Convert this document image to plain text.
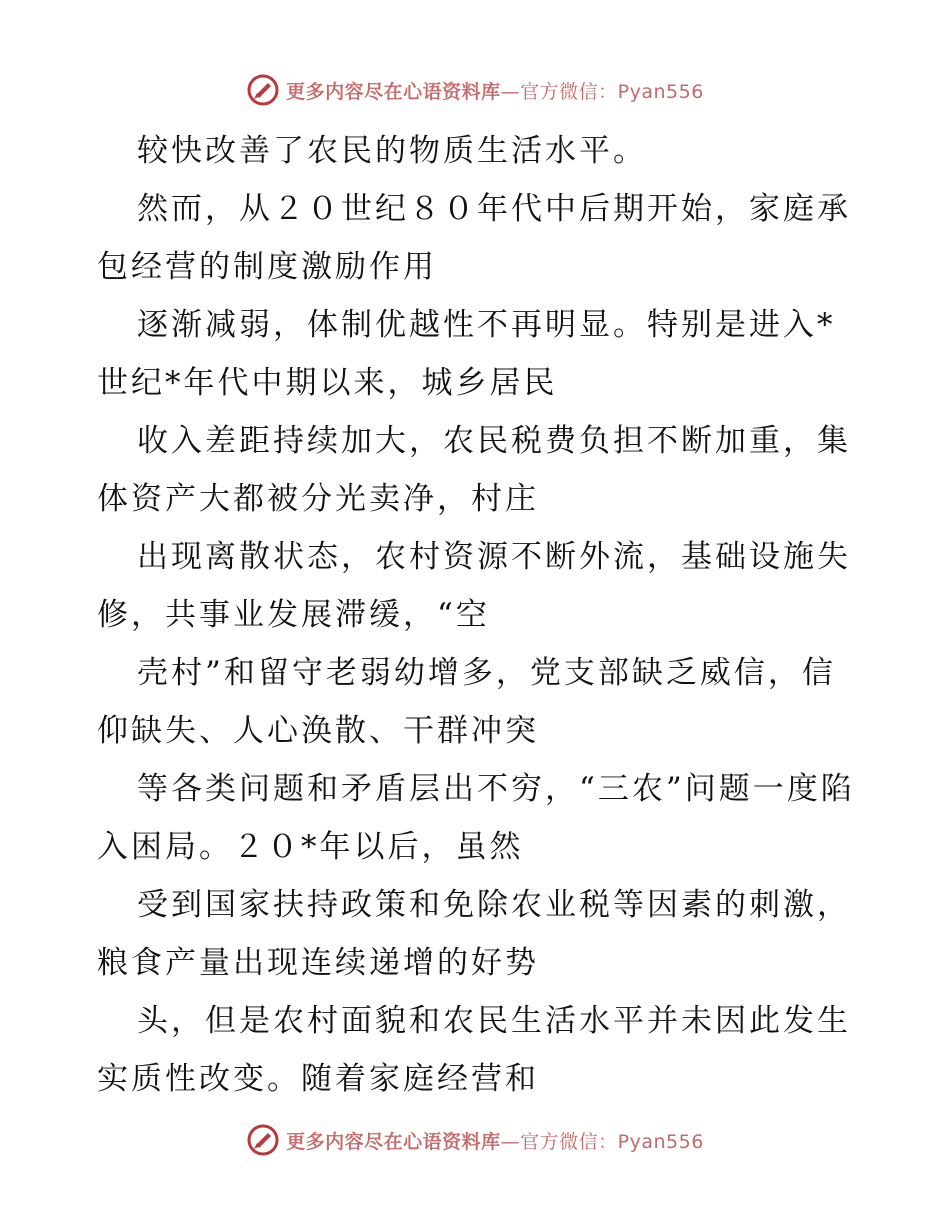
更多内容尽在心语资料库—官方微信：Pyan556

较快改善了农民的物质生活水平。

然而，从２０世纪８０年代中后期开始，家庭承包经营的制度激励作用

逐渐减弱，体制优越性不再明显。特别是进入*世纪*年代中期以来，城乡居民

收入差距持续加大，农民税费负担不断加重，集体资产大都被分光卖净，村庄

出现离散状态，农村资源不断外流，基础设施失修，共事业发展滞缓，“空

壳村”和留守老弱幼增多，党支部缺乏威信，信仰缺失、人心涣散、干群冲突

等各类问题和矛盾层出不穷，“三农”问题一度陷入困局。２０*年以后，虽然

受到国家扶持政策和免除农业税等因素的刺激，粮食产量出现连续递增的好势

头，但是农村面貌和农民生活水平并未因此发生实质性改变。随着家庭经营和

更多内容尽在心语资料库—官方微信：Pyan556
